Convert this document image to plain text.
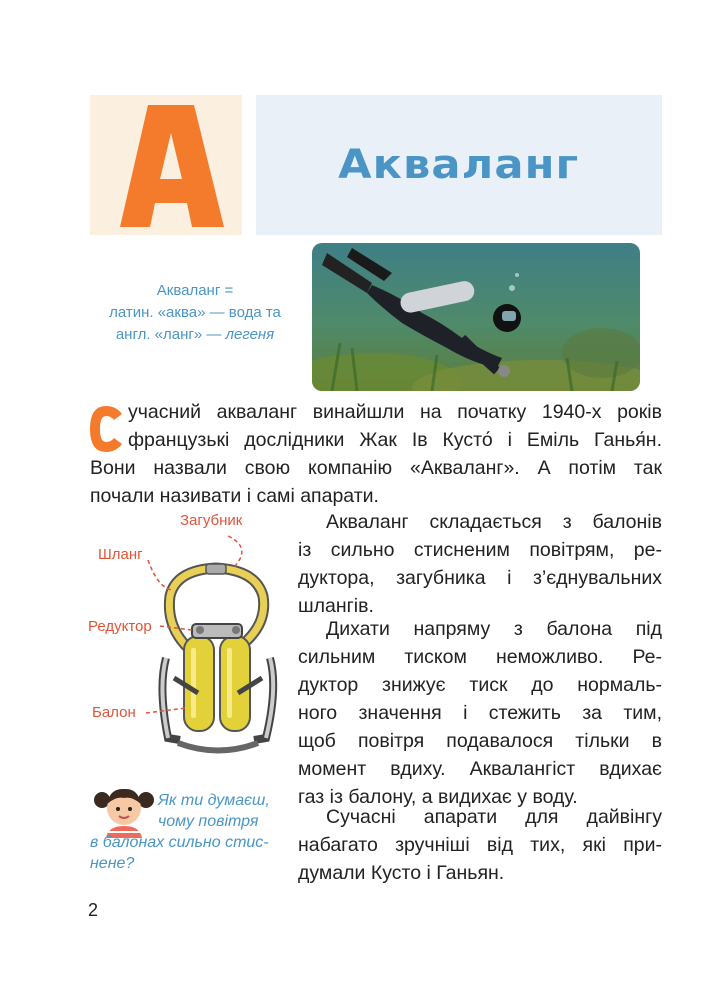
Акваланг
Акваланг =
латин. «аква» — вода та
англ. «ланг» — легеня
учасний акваланг винайшли на початку 1940-х років
французькі дослідники Жак Ів Кусто́ і Еміль Ганья́н.
Вони назвали свою компанію «Акваланг». А потім так
почали називати і самі апарати.
Загубник
Шланг
Редуктор
Балон
Акваланг складається з балонів
із сильно стисненим повітрям, ре-
дуктора, загубника і з’єднувальних
шлангів.
Дихати напряму з балона під
сильним тиском неможливо. Ре-
дуктор знижує тиск до нормаль-
ного значення і стежить за тим,
щоб повітря подавалося тільки в
момент вдиху. Аквалангіст вдихає
газ із балону, а видихає у воду.
Сучасні апарати для дайвінгу
набагато зручніші від тих, які при-
думали Кусто і Ганьян.
Як ти думаєш,
чому повітря
в балонах сильно стис-
нене?
2
